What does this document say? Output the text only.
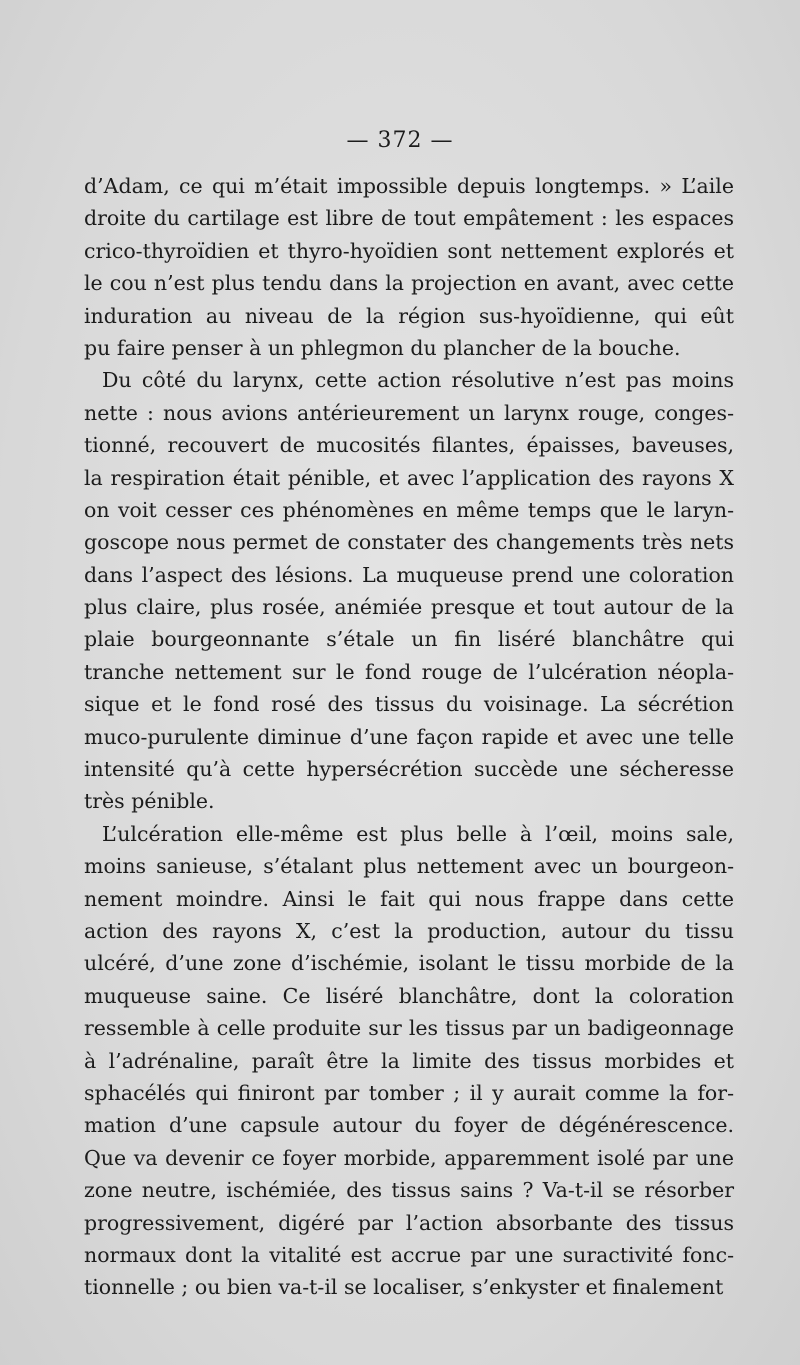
— 372 —
d’Adam, ce qui m’était impossible depuis longtemps. » L’aile
droite du cartilage est libre de tout empâtement : les espaces
crico-thyroïdien et thyro-hyoïdien sont nettement explorés et
le cou n’est plus tendu dans la projection en avant, avec cette
induration au niveau de la région sus-hyoïdienne, qui eût
pu faire penser à un phlegmon du plancher de la bouche.
Du côté du larynx, cette action résolutive n’est pas moins
nette : nous avions antérieurement un larynx rouge, conges-
tionné, recouvert de mucosités filantes, épaisses, baveuses,
la respiration était pénible, et avec l’application des rayons X
on voit cesser ces phénomènes en même temps que le laryn-
goscope nous permet de constater des changements très nets
dans l’aspect des lésions. La muqueuse prend une coloration
plus claire, plus rosée, anémiée presque et tout autour de la
plaie bourgeonnante s’étale un fin liséré blanchâtre qui
tranche nettement sur le fond rouge de l’ulcération néopla-
sique et le fond rosé des tissus du voisinage. La sécrétion
muco-purulente diminue d’une façon rapide et avec une telle
intensité qu’à cette hypersécrétion succède une sécheresse
très pénible.
L’ulcération elle-même est plus belle à l’œil, moins sale,
moins sanieuse, s’étalant plus nettement avec un bourgeon-
nement moindre. Ainsi le fait qui nous frappe dans cette
action des rayons X, c’est la production, autour du tissu
ulcéré, d’une zone d’ischémie, isolant le tissu morbide de la
muqueuse saine. Ce liséré blanchâtre, dont la coloration
ressemble à celle produite sur les tissus par un badigeonnage
à l’adrénaline, paraît être la limite des tissus morbides et
sphacélés qui finiront par tomber ; il y aurait comme la for-
mation d’une capsule autour du foyer de dégénérescence.
Que va devenir ce foyer morbide, apparemment isolé par une
zone neutre, ischémiée, des tissus sains ? Va-t-il se résorber
progressivement, digéré par l’action absorbante des tissus
normaux dont la vitalité est accrue par une suractivité fonc-
tionnelle ; ou bien va-t-il se localiser, s’enkyster et finalement
